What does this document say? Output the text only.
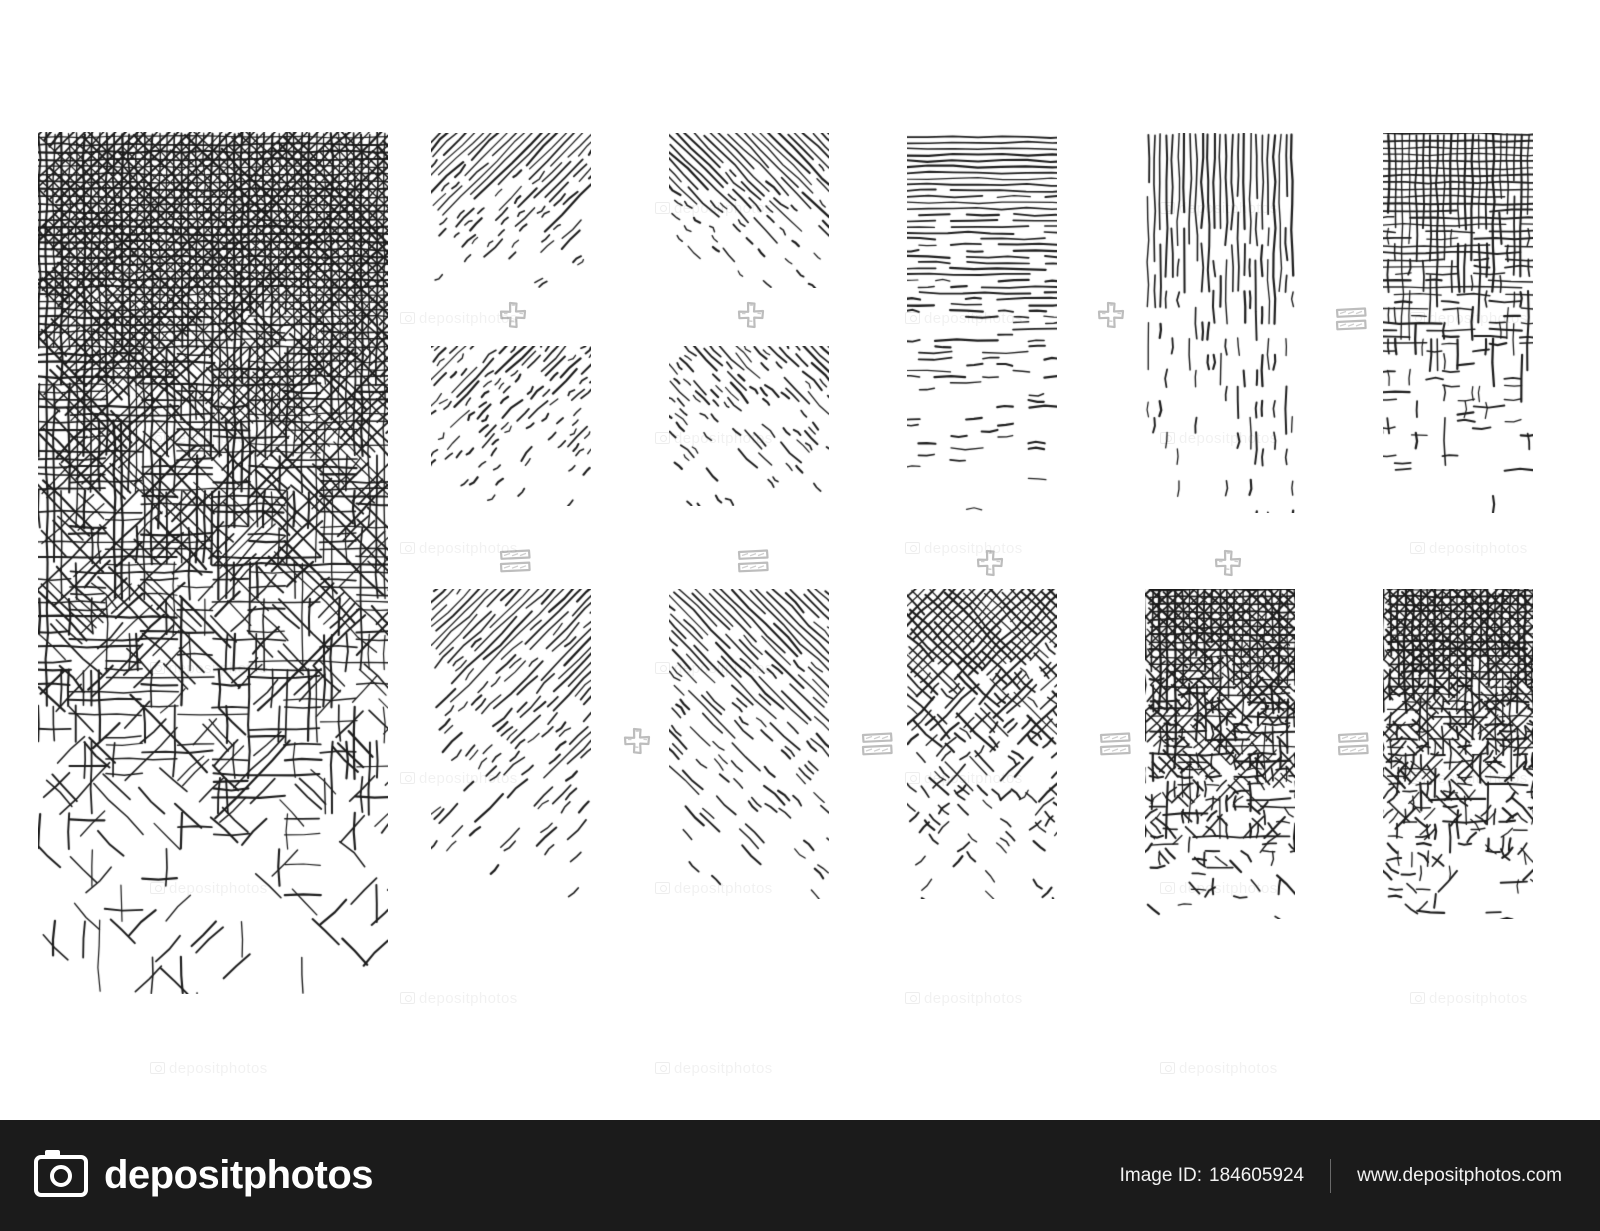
depositphotos
depositphotos
depositphotos
depositphotos
depositphotos
depositphotos
depositphotos
depositphotos
depositphotos
depositphotos
depositphotos	Image ID: 184605924	www.depositphotos.com
